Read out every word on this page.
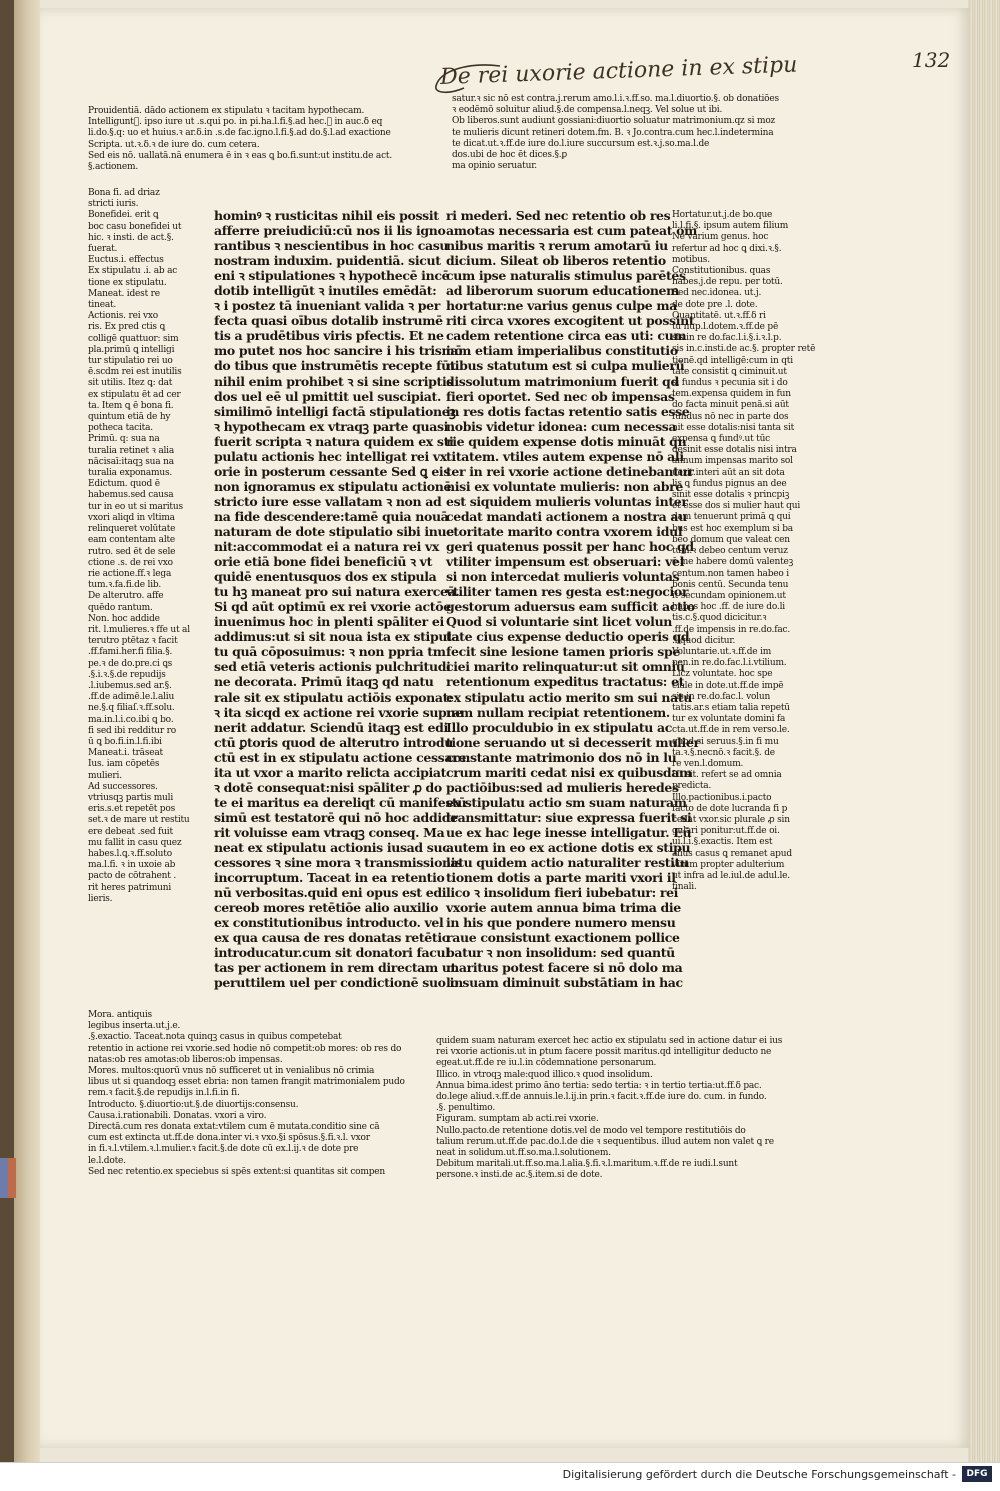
De rei uxorie actione in ex stipu	132

Prouidentiā. dādo actionem ex stipulatu ꝛ tacitam hypothecam.

Intelliguntᷣ. ipso iure ut .s.qui po. in pi.ha.l.fi.§.ad hec.ꝛ in auc.δ eq

li.do.§.q: uo et huius.ꝛ ar.δ.in .s.de fac.igno.l.fi.§.ad do.§.l.ad exactione

Scripta. ut.ꝛ.δ.ꝛ de iure do. cum cetera.

Sed eis nō. uallatā.nā enumera ē in ꝛ eas ꝗ bo.fi.sunt:ut institu.de act.

§.actionem.

Bona fi. ad driaz

stricti iuris.

Bonefidei. erit ꝗ

boc casu bonefidei ut

hic. ꝛ insti. de act.§.

fuerat.

Euctus.i. effectus

Ex stipulatu .i. ab ac

tione ex stipulatu.

Maneat. idest re

tineat.

Actionis. rei vxo

ris. Ex pred ctis ꝗ

colligē quattuor: sim

pla.primū ꝗ intelligi

tur stipulatio rei uo

ē.scdm rei est inutilis

sit utilis. Itez ꝗ: dat

ex stipulatu ēt ad cer

ta. Item ꝗ ē bona fi.

quintum etiā de hy

potheca tacita.

Primū. q: sua na

turalia retinet ꝛ alia

nācisaī:itaqꝫ sua na

turalia exponamus.

Edictum. quod ē

habemus.sed causa

tur in eo ut si maritus

vxori aliqd in vltima

relinqueret volūtate

eam contentam alte

rutro. sed ēt de sele

ctione .s. de rei vxo

rie actione.ff.ꝛ lega

tum.ꝛ.fa.fi.de lib.

De alterutro. affe

quēdo rantum.

Non. hoc addide

rit. l.mulieres.ꝛ ffe ut al

terutro ptētaz ꝛ facit

.ff.fami.her.fi filia.§.

pe.ꝛ de do.pre.ci ꝗs

.§.i.ꝛ.§.de repudijs

.l.iubemus.sed ar.§.

.ff.de adimē.le.l.aliu

ne.§.q filiaſ.ꝛ.ff.solu.

ma.in.l.i.co.ibi ꝗ bo.

fi sed ibi redditur ro

ū ꝗ bo.fi.in.l.fi.ibi

Maneat.i. trāseat

Ius. iam cōpetēs

mulieri.

Ad successores.

vtriusqꝫ partis muli

eris.s.et repetēt pos

set.ꝛ de mare ut restitu

ere debeat .sed fuit

mu fallit in casu quez

habes.l.ꝗ.ꝛ.ff.soluto

ma.l.fi. ꝛ in uxoie ab

pacto de cōtrahent .

rit heres patrimuni

lieris.

hominꝰ ꝛ rusticitas nihil eis possit

afferre preiudiciū:cū nos ii lis igno

rantibus ꝛ nescientibus in hoc casu

nostram induxim. puidentiā. sicut

eni ꝛ stipulationes ꝛ hypothecē incē

dotib intelligūt ꝛ inutiles emēdāt:

ꝛ i postez tā inueniant valida ꝛ per

fecta quasi oībus dotalib instrumē

tis a prudētibus viris pfectis. Et ne

mo putet nos hoc sancire i his trismō

do tibus que instrumētis recepte fūt

nihil enim prohibet ꝛ si sine scriptis

dos uel eē ul pmittit uel suscipiat.

similimō intelligi factā stipulationeꝫ

ꝛ hypothecam ex vtraqꝫ parte quasi

fuerit scripta ꝛ natura quidem ex sti

pulatu actionis hec intelligat rei vx

orie in posterum cessante Sed ꝗ eis

non ignoramus ex stipulatu actionē

stricto iure esse vallatam ꝛ non ad

na fide descendere:tamē quia nouā

naturam de dote stipulatio sibi inue

nit:accommodat ei a natura rei vx

orie etiā bone fidei beneficiū ꝛ vt

quidē enentusquos dos ex stipula

tu hꝫ maneat pro sui natura exerceā.

Si qd aūt optimū ex rei vxorie actōe

inuenimus hoc in plenti spāliter ei

addimus:ut si sit noua ista ex stipula

tu quā cōposuimus: ꝛ non ppria tm

sed etiā veteris actionis pulchritudi

ne decorata. Primū itaqꝫ qd natu

rale sit ex stipulatu actiōis exponat:

ꝛ ita sicqd ex actione rei vxorie supue

nerit addatur. Sciendū itaqꝫ est edi

ctū ꝑtoris quod de alterutro introdu

ctū est in ex stipulatu actione cessare:

ita ut vxor a marito relicta accipiat

ꝛ dotē consequat:nisi spāliter ꝓ do

te ei maritus ea dereliqt cū manifestū

simū est testatorē qui nō hoc addide

rit voluisse eam vtraqꝫ conseq. Ma

neat ex stipulatu actionis iusad suc

cessores ꝛ sine mora ꝛ transmissionis

incorruptum. Taceat in ea retentio

nū verbositas.quid eni opus est edi

cereob mores retētiōe alio auxilio

ex constitutionibus introducto. vel

ex qua causa de res donatas retētio

introducatur.cum sit donatori facul

tas per actionem in rem directam ut

peruttilem uel per condictionē suo in

ri mederi. Sed nec retentio ob res

amotas necessaria est cum pateat om

nibus maritis ꝛ rerum amotarū iu

dicium. Sileat ob liberos retentio

cum ipse naturalis stimulus parētes

ad liberorum suorum educationem

hortatur:ne varius genus culpe ma

riti circa vxores excogitent ut possint

cadem retentione circa eas uti: cum

iam etiam imperialibus constitutio

nibus statutum est si culpa mulierū

dissolutum matrimonium fuerit qd

fieri oportet. Sed nec ob impensas

in res dotis factas retentio satis esse

nobis videtur idonea: cum necessa

rie quidem expense dotis minuāt qn

titatem. vtiles autem expense nō ali

ter in rei vxorie actione detinebantur

nisi ex voluntate mulieris: non abre

est siquidem mulieris voluntas inter

cedat mandati actionem a nostra au

ctoritate marito contra vxorem idul

geri quatenus possit per hanc hoc qd

vtiliter impensum est obseruari: vel

si non intercedat mulieris voluntas

vtiliter tamen res gesta est:negocior

gestorum aduersus eam sufficit actio

Quod si voluntarie sint licet volun

tate cius expense deductio operis qd

fecit sine lesione tamen prioris spe

ciei marito relinquatur:ut sit omniū

retentionum expeditus tractatus: et

ex stipulatu actio merito sm sui natu

ram nullam recipiat retentionem.

Illo proculdubio in ex stipulatu ac

tione seruando ut si decesserit mulier

constante matrimonio dos nō in lu

crum mariti cedat nisi ex quibusdam

pactiōibus:sed ad mulieris heredes

ex stipulatu actio sm suam naturam

transmittatur: siue expressa fuerit si

ue ex hac lege inesse intelligatur. Eū

autem in eo ex actione dotis ex stipu

latu quidem actio naturaliter restitu

tionem dotis a parte mariti vxori il

lico ꝛ insolidum fieri iubebatur: rei

vxorie autem annua bima trima die

in his que pondere numero mensu

raue consistunt exactionem pollice

batur ꝛ non insolidum: sed quantū

maritus potest facere si nō dolo ma

lo suam diminuit substātiam in hac

satur.ꝛ sic nō est contra.j.rerum amo.l.i.ꝛ.ff.so. ma.l.diuortio.§. ob donatiōes

ꝛ eodēmō soluitur aliud.§.de compensa.l.neqꝫ. Vel solue ut ibi.

Ob liberos.sunt audiunt gossiani:diuortio soluatur matrimonium.qz si moz

te mulieris dicunt retineri dotem.fm. B. ꝛ Jo.contra.cum hec.l.indetermina

te dicat.ut.ꝛ.ff.de iure do.l.iure succursum est.ꝛ.j.so.ma.l.de

dos.ubi de hoc ēt dices.§.ꝑ

ma opinio seruatur.

Hortatur.ut.j.de bo.que

li.l.fi.§. ipsum autem filium

Ne varium genus. hoc

refertur ad hoc ꝗ dixi.ꝛ.§.

motibus.

Constitutionibus. quas

habes.j.de repu. per totū.

Sed nec.idonea. ut.j.

de dote pre .l. dote.

Quantitatē. ut.ꝛ.ff.δ ri

tu nup.l.dotem.ꝛ.ff.de pē

sis in re do.fac.l.i.§.i.ꝛ.l.p.

sis in.c.insti.de ac.§. propter retē

tionē.qd intelligē:cum in qti

tate consistit ꝗ ciminuit.ut

si fundus ꝛ pecunia sit i do

tem.expensa quidem in fun

do facta minuit penā.si aūt

fundus nō nec in parte dos

nit esse dotalis:nisi tanta sit

expensa ꝗ fundꝰ.ut tūc

desinit esse dotalis nisi intra

annum impensas marito sol

uerit.interi aūt an sit dota

lis ꝗ fundus pignus an dee

sinit esse dotalis ꝛ princpiꝫ

et esse dos si mulier haut qui

dam tenuerunt primā ꝗ qui

bus est hoc exemplum si ba

beo domum que valeat cen

tum.ꝛ debeo centum veruz

ē me habere domū valenteꝫ

centum.non tamen habeo i

bonis centū. Secunda tenu

it secundam opinionem.ut

habes hoc .ff. de iure do.li

tis.c.§.quod dicicitur.ꝛ

.ff.de impensis in re.do.fac.

.l.quod dicitur.

Voluntarie.ut.ꝛ.ff.de im

pen.in re.do.fac.l.i.vtilium.

Licz voluntate. hoc spe

ciale in dote.ut.ff.de impē

sis in re.do.fac.l. volun

tatis.ar.s etiam talia repetū

tur ex voluntate domini fa

cta.ut.ff.de in rem verso.le.

quod si seruus.§.in fi mu

ta.ꝛ.§.necnō.ꝛ facit.§. de

re ven.l.domum.

Ut sit. refert se ad omnia

predicta.

Illo.pactionibus.i.pacto

facto de dote lucranda fi p

cedat vxor.sic plurale ꝓ sin

gulari ponitur:ut.ff.de oi.

ui.l.i.§.exactis. Item est

alius casus ꝗ remanet apud

virum propter adulterium

ut infra ad le.iul.de adul.le.

finali.

Mora. antiquis

legibus inserta.ut.j.e.

.§.exactio. Taceat.nota quinqꝫ casus in quibus competebat

retentio in actione rei vxorie.sed hodie nō competit:ob mores: ob res do

natas:ob res amotas:ob liberos:ob impensas.

Mores. multos:quorū vnus nō sufficeret ut in venialibus nō crimia

libus ut si quandoqꝫ esset ebria: non tamen frangit matrimonialem pudo

rem.ꝛ facit.§.de repudijs in.l.fi.in fi.

Introducto. §.diuortio:ut.§.de diuortijs:consensu.

Causa.i.rationabili. Donatas. vxori a viro.

Directā.cum res donata extat:vtilem cum ē mutata.conditio sine cā

cum est extincta ut.ff.de dona.inter vi.ꝛ vxo.§i spōsus.§.fi.ꝛ.l. vxor

in fi.ꝛ.l.vtilem.ꝛ.l.mulier.ꝛ facit.§.de dote cū ex.l.ij.ꝛ de dote pre

le.l.dote.

Sed nec retentio.ex speciebus si spēs extent:si quantitas sit compen

quidem suam naturam exercet hec actio ex stipulatu sed in actione datur ei ius

rei vxorie actionis.ut in ꝑtum facere possit maritus.qd intelligitur deducto ne

egeat.ut.ff.de re iu.l.in cōdemnatione personarum.

Illico. in vtroqꝫ male:quod illico.ꝛ quod insolidum.

Annua bima.idest primo āno tertia: sedo tertia: ꝛ in tertio tertia:ut.ff.δ pac.

do.lege aliud.ꝛ.ff.de annuis.le.l.ij.in prin.ꝛ facit.ꝛ.ff.de iure do. cum. in fundo.

.§. penultimo.

Figuram. sumptam ab acti.rei vxorie.

Nullo.pacto.de retentione dotis.vel de modo vel tempore restitutiōis do

talium rerum.ut.ff.de pac.do.l.de die ꝛ sequentibus. illud autem non valet ꝗ re

neat in solidum.ut.ff.so.ma.l.solutionem.

Debitum maritali.ut.ff.so.ma.l.alia.§.fi.ꝛ.l.maritum.ꝛ.ff.de re iudi.l.sunt

persone.ꝛ insti.de ac.§.item.si de dote.

Digitalisierung gefördert durch die Deutsche Forschungsgemeinschaft -	DFG
